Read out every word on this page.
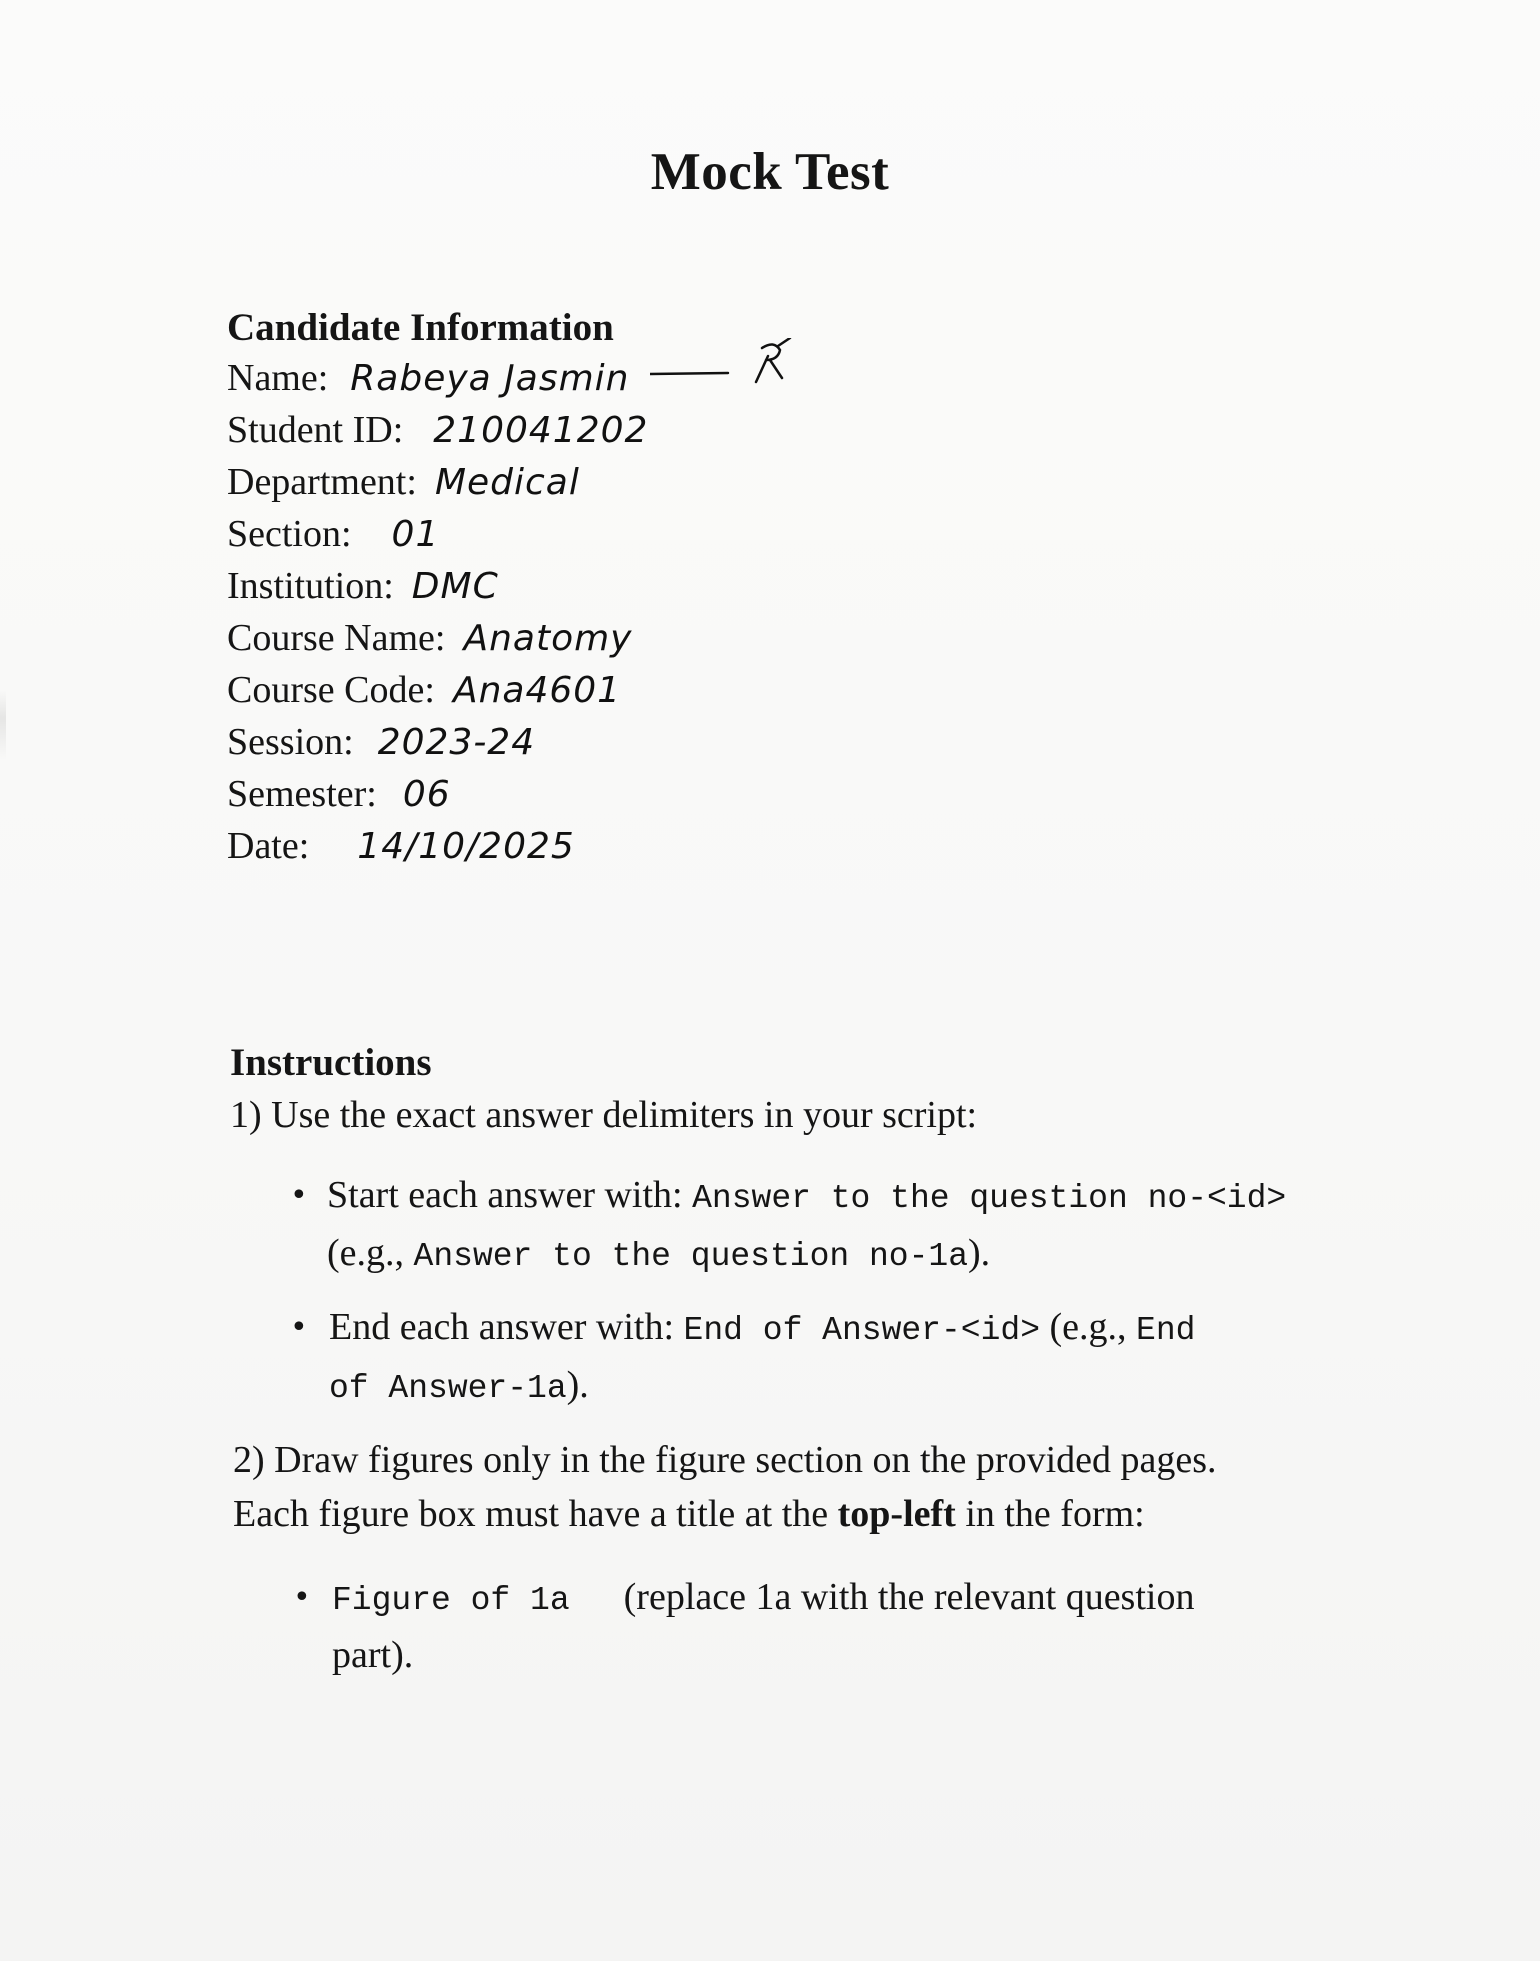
Mock Test
Candidate Information
Name: Rabeya Jasmin
Student ID: 210041202
Department: Medical
Section: 01
Institution: DMC
Course Name: Anatomy
Course Code: Ana4601
Session: 2023-24
Semester: 06
Date: 14/10/2025
Instructions

1) Use the exact answer delimiters in your script:

• Start each answer with: Answer to the question no-<id>
(e.g., Answer to the question no-1a).

• End each answer with: End of Answer-<id> (e.g., End
of Answer-1a).

2) Draw figures only in the figure section on the provided pages.
Each figure box must have a title at the top-left in the form:

• Figure of 1a (replace 1a with the relevant question
part).
